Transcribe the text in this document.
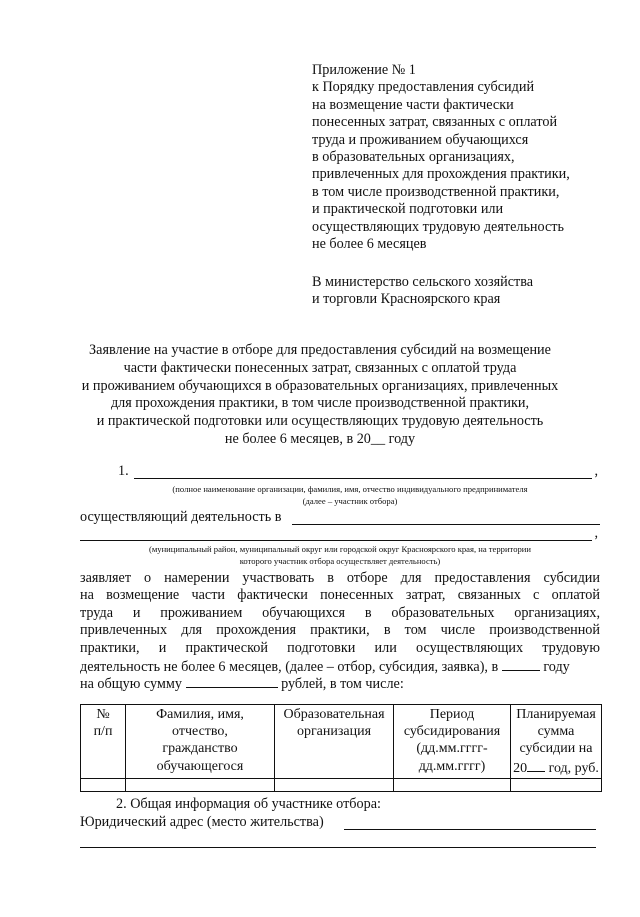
Приложение № 1
к Порядку предоставления субсидий
на возмещение части фактически
понесенных затрат, связанных с оплатой
труда и проживанием обучающихся
в образовательных организациях,
привлеченных для прохождения практики,
в том числе производственной практики,
и практической подготовки или
осуществляющих трудовую деятельность
не более 6 месяцев
В министерство сельского хозяйства
и торговли Красноярского края
Заявление на участие в отборе для предоставления субсидий на возмещение
части фактически понесенных затрат, связанных с оплатой труда
и проживанием обучающихся в образовательных организациях, привлеченных
для прохождения практики, в том числе производственной практики,
и практической подготовки или осуществляющих трудовую деятельность
не более 6 месяцев, в 20__ году
1.	,
(полное наименование организации, фамилия, имя, отчество индивидуального предпринимателя
(далее – участник отбора)
осуществляющий деятельность в
,
(муниципальный район, муниципальный округ или городской округ Красноярского края, на территории
которого участник отбора осуществляет деятельность)
заявляет о намерении участвовать в отборе для предоставления субсидии
на возмещение части фактически понесенных затрат, связанных с оплатой
труда и проживанием обучающихся в образовательных организациях,
привлеченных для прохождения практики, в том числе производственной
практики, и практической подготовки или осуществляющих трудовую
деятельность не более 6 месяцев, (далее – отбор, субсидия, заявка), в	году
на общую сумму	рублей, в том числе:
№
п/п	Фамилия, имя,
отчество,
гражданство
обучающегося	Образовательная
организация	Период
субсидирования
(дд.мм.гггг-
дд.мм.гггг)	Планируемая
сумма
субсидии на
20 год, руб.

2. Общая информация об участнике отбора:
Юридический адрес (место жительства)
